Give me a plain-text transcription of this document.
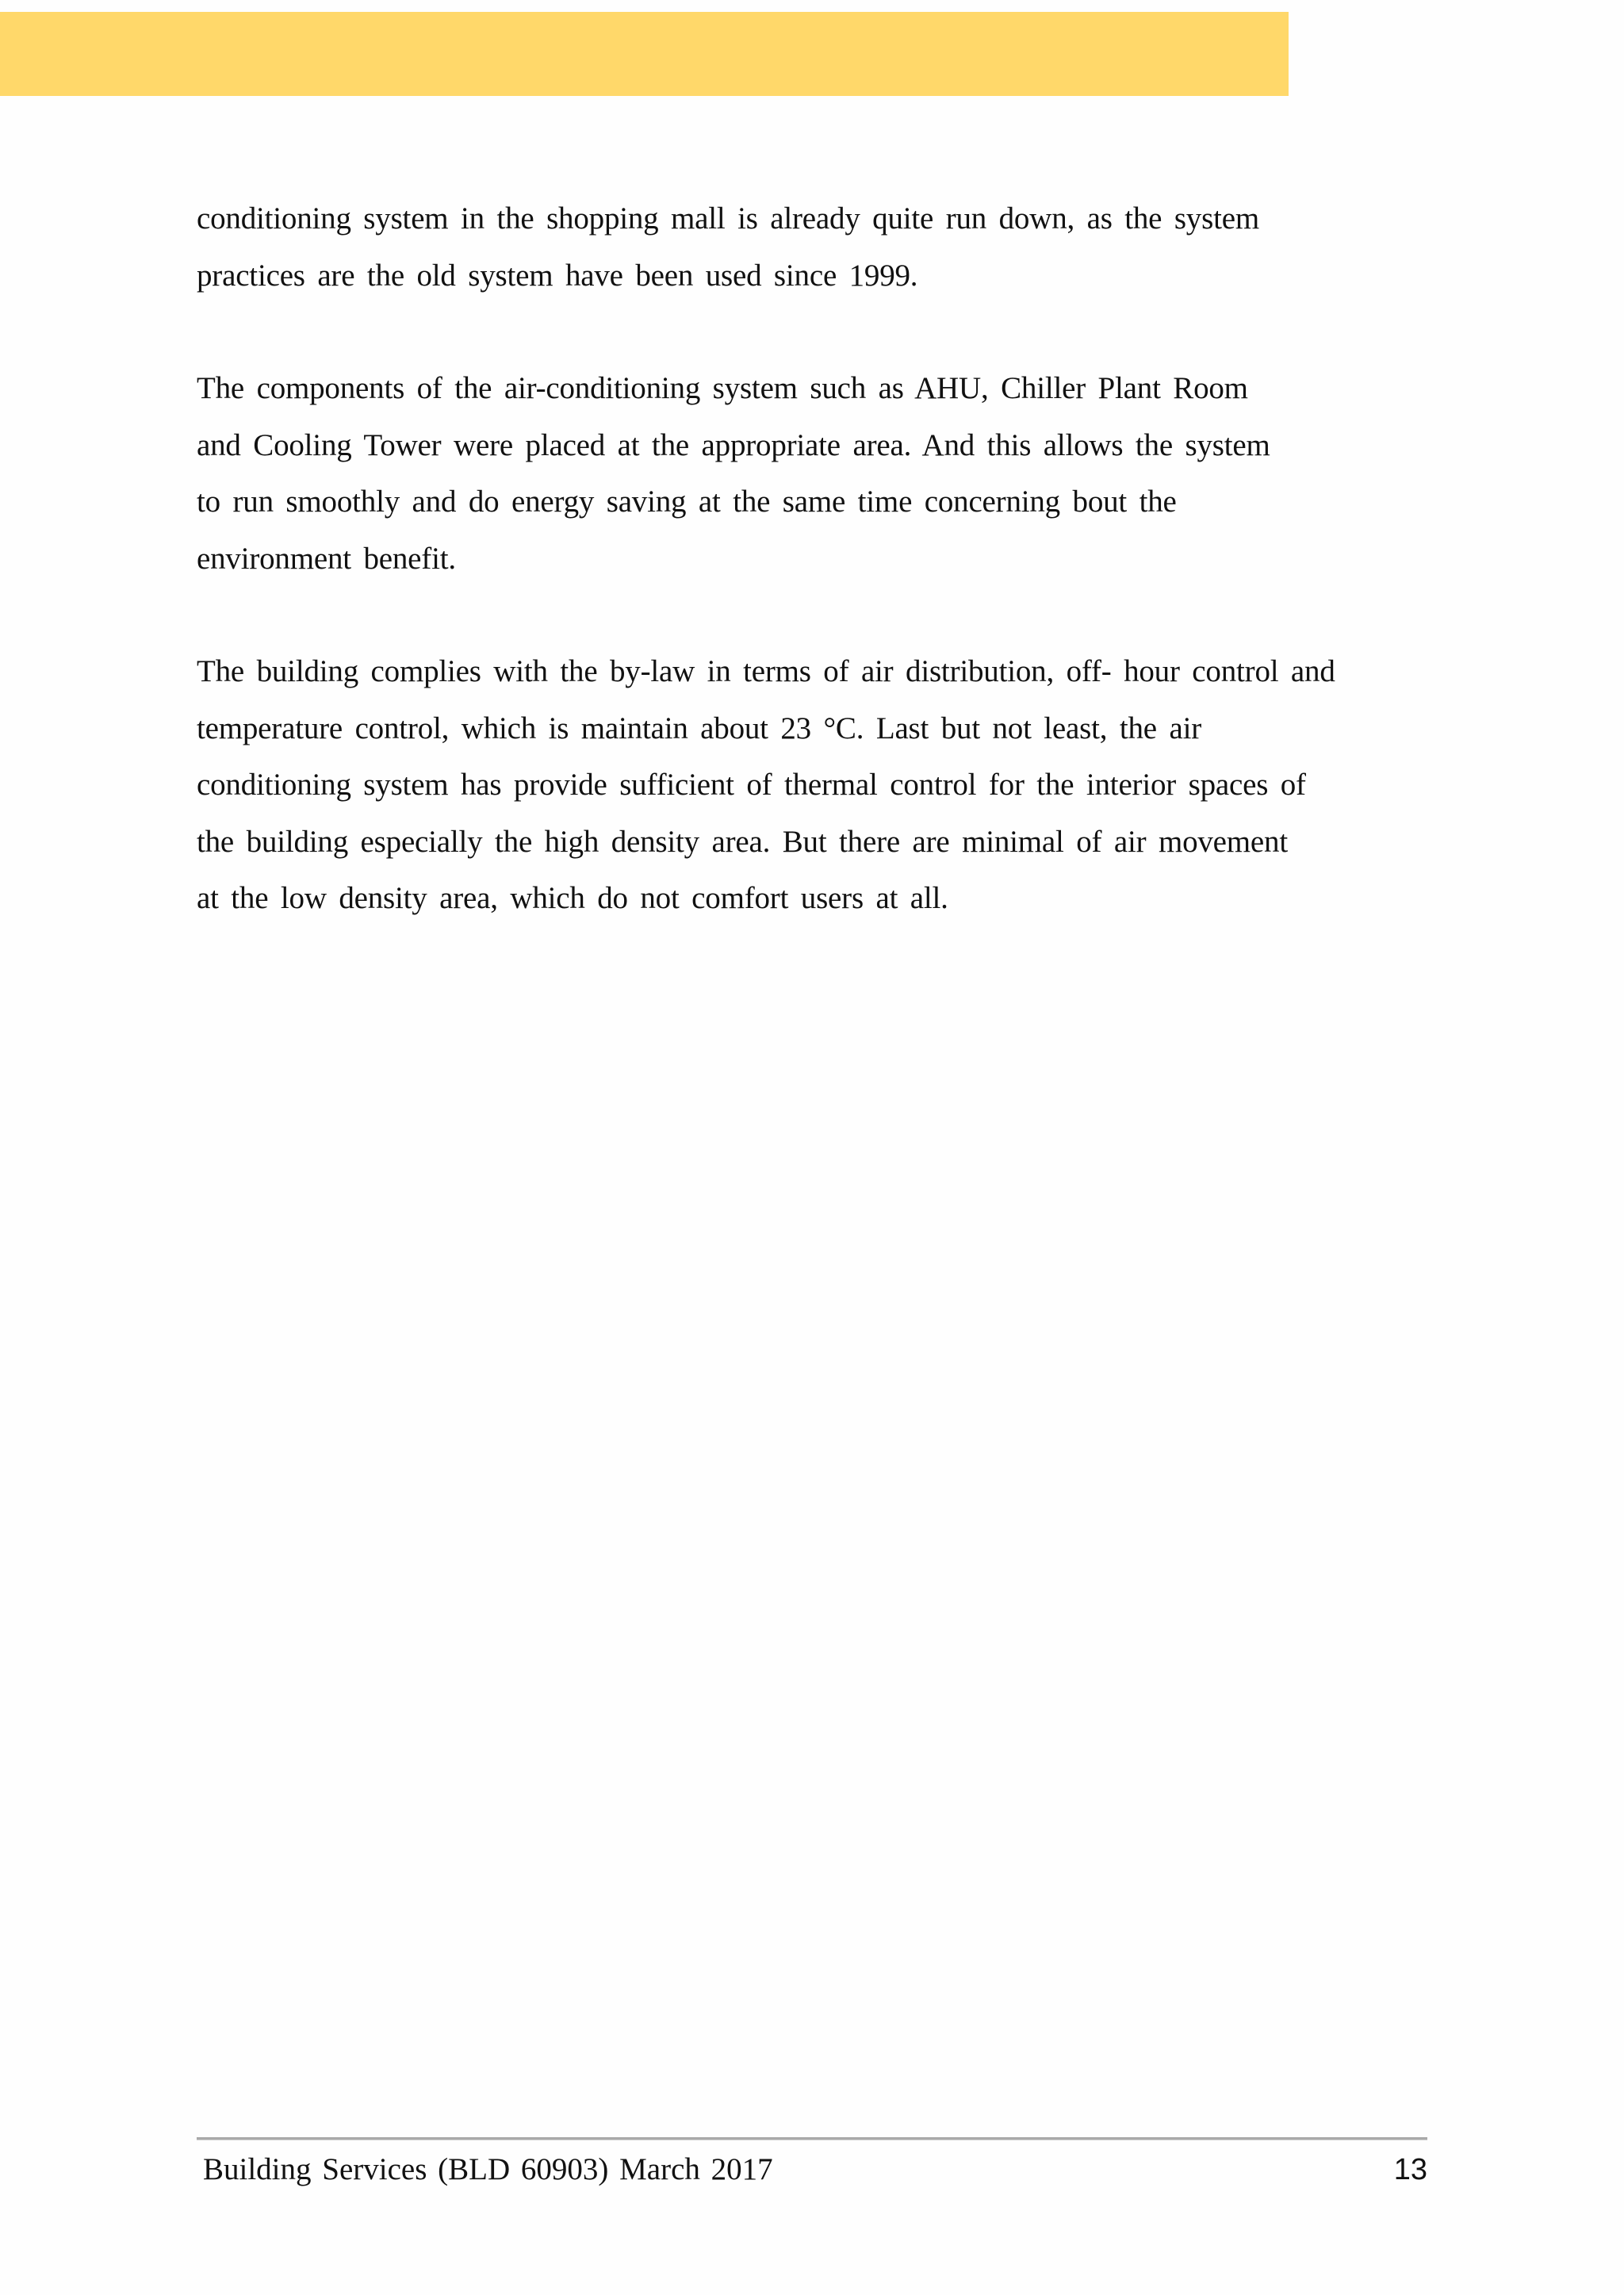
conditioning system in the shopping mall is already quite run down, as the system
practices are the old system have been used since 1999.
The components of the air-conditioning system such as AHU, Chiller Plant Room
and Cooling Tower were placed at the appropriate area. And this allows the system
to run smoothly and do energy saving at the same time concerning bout the
environment benefit.
The building complies with the by-law in terms of air distribution, off- hour control and
temperature control, which is maintain about 23 °C. Last but not least, the air
conditioning system has provide sufficient of thermal control for the interior spaces of
the building especially the high density area. But there are minimal of air movement
at the low density area, which do not comfort users at all.
Building Services (BLD 60903) March 2017	13
